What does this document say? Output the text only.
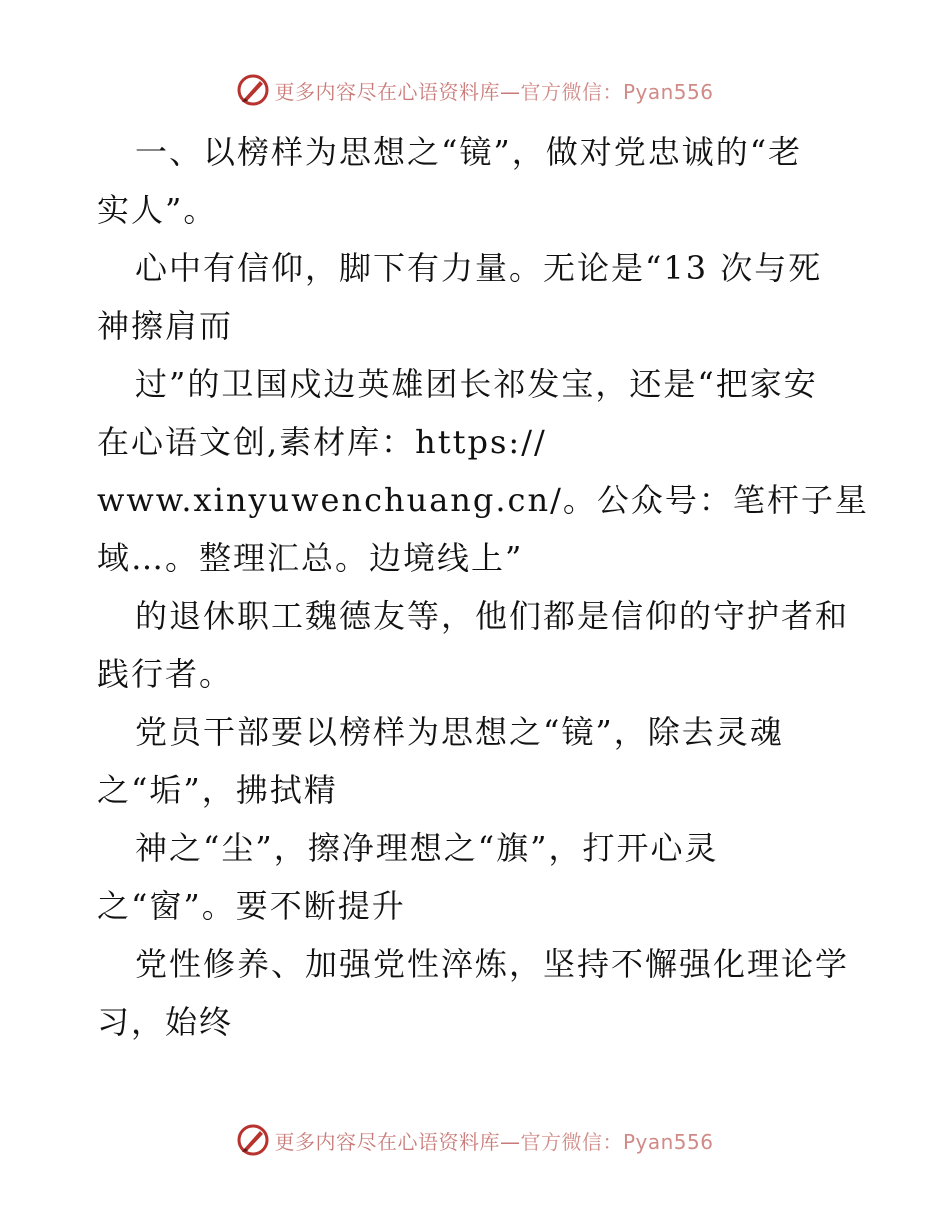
更多内容尽在心语资料库—官方微信：Pyan556
一、以榜样为思想之“镜”，做对党忠诚的“老
实人”。
心中有信仰，脚下有力量。无论是“13 次与死
神擦肩而
过”的卫国戍边英雄团长祁发宝，还是“把家安
在心语文创,素材库：https://
www.xinyuwenchuang.cn/。公众号：笔杆子星
域…。整理汇总。边境线上”
的退休职工魏德友等，他们都是信仰的守护者和
践行者。
党员干部要以榜样为思想之“镜”，除去灵魂
之“垢”，拂拭精
神之“尘”，擦净理想之“旗”，打开心灵
之“窗”。要不断提升
党性修养、加强党性淬炼，坚持不懈强化理论学
习，始终
更多内容尽在心语资料库—官方微信：Pyan556
